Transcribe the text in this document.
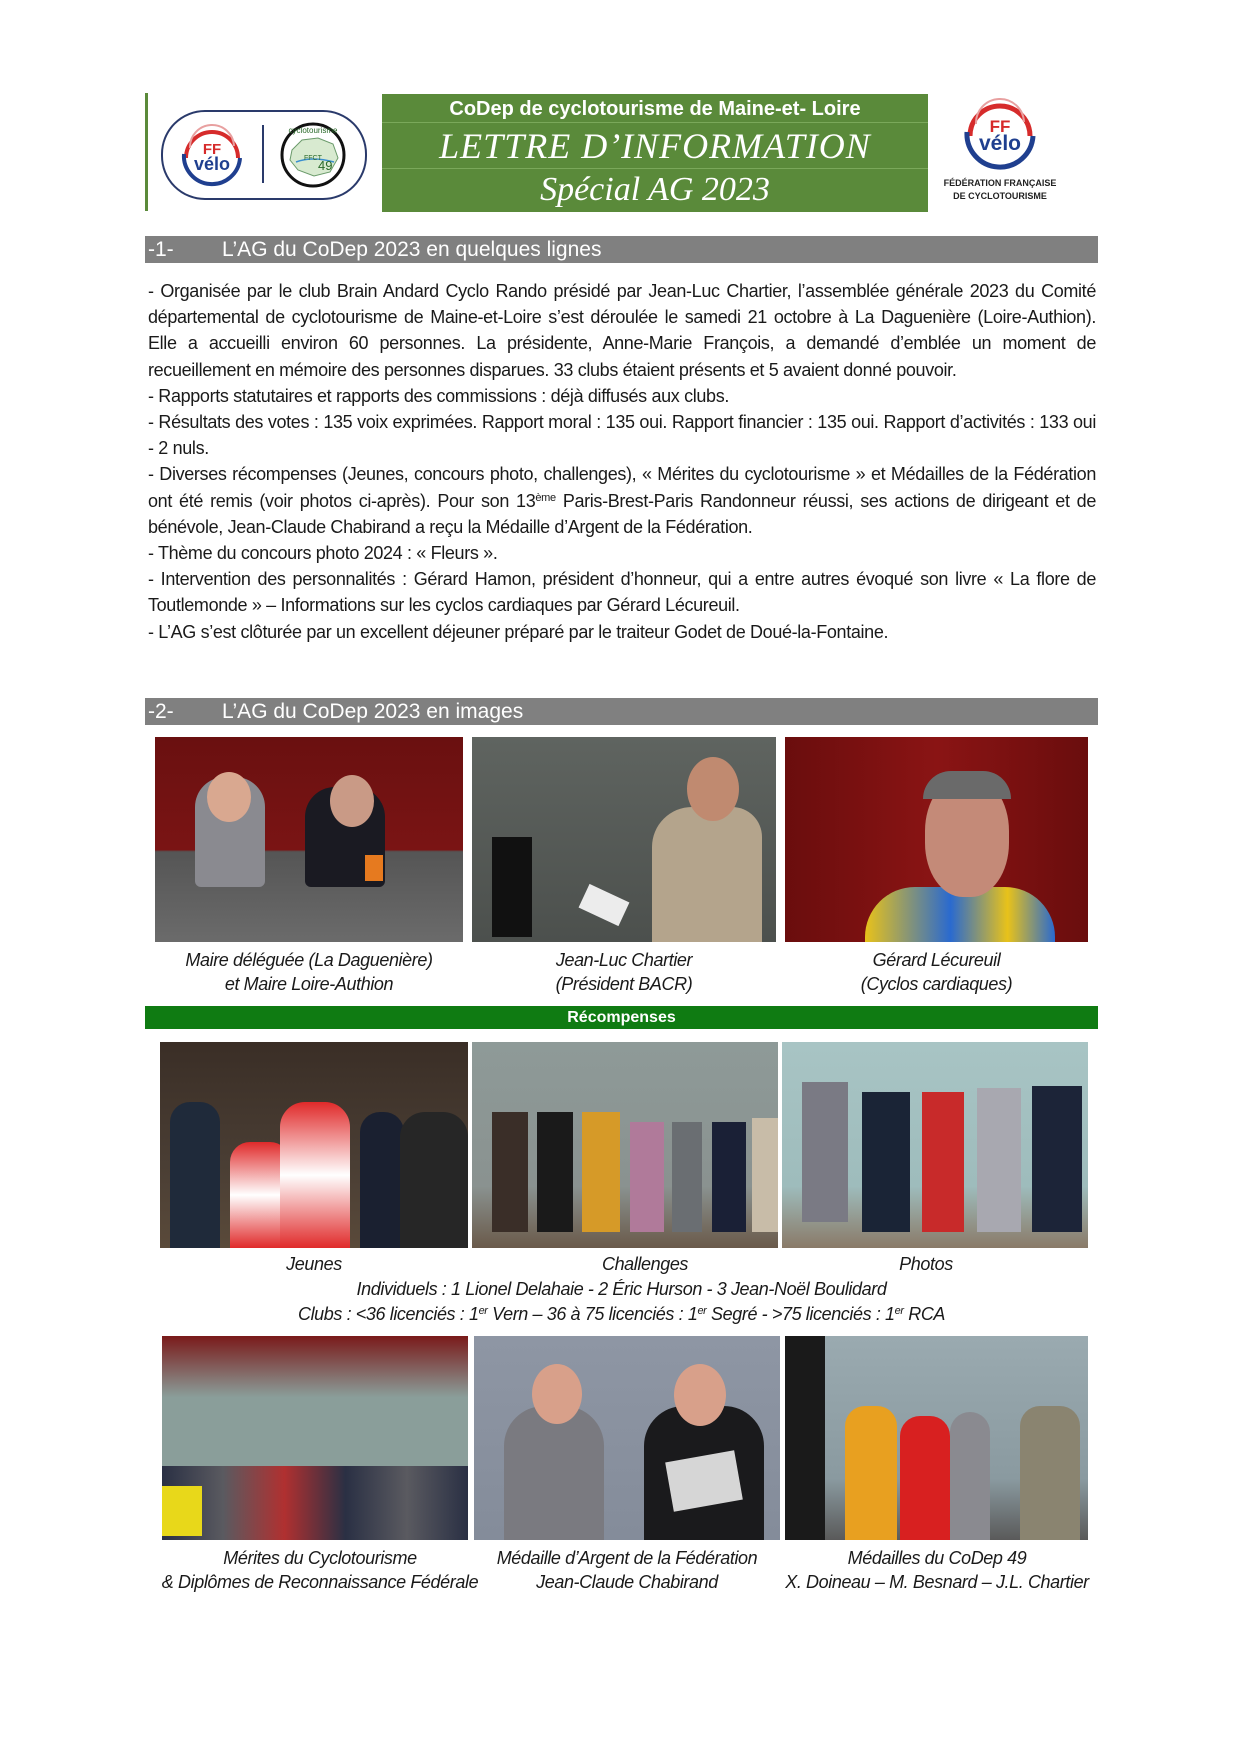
FF
vélo
cyclotourisme
FFCT
49
CoDep de cyclotourisme de Maine-et- Loire
LETTRE D’INFORMATION
Spécial AG 2023
FF
vélo
FÉDÉRATION FRANÇAISE
DE CYCLOTOURISME
-1- L’AG du CoDep 2023 en quelques lignes

- Organisée par le club Brain Andard Cyclo Rando présidé par Jean-Luc Chartier, l’assemblée générale 2023 du Comité départemental de cyclotourisme de Maine-et-Loire s’est déroulée le samedi 21 octobre à La Daguenière (Loire-Authion). Elle a accueilli environ 60 personnes. La présidente, Anne-Marie François, a demandé d’emblée un moment de recueillement en mémoire des personnes disparues. 33 clubs étaient présents et 5 avaient donné pouvoir.

- Rapports statutaires et rapports des commissions : déjà diffusés aux clubs.

- Résultats des votes : 135 voix exprimées. Rapport moral : 135 oui. Rapport financier : 135 oui. Rapport d’activités : 133 oui - 2 nuls.

- Diverses récompenses (Jeunes, concours photo, challenges), « Mérites du cyclotourisme » et Médailles de la Fédération ont été remis (voir photos ci-après). Pour son 13ème Paris-Brest-Paris Randonneur réussi, ses actions de dirigeant et de bénévole, Jean-Claude Chabirand a reçu la Médaille d’Argent de la Fédération.

- Thème du concours photo 2024 : « Fleurs ».

- Intervention des personnalités : Gérard Hamon, président d’honneur, qui a entre autres évoqué son livre « La flore de Toutlemonde » – Informations sur les cyclos cardiaques par Gérard Lécureuil.

- L’AG s’est clôturée par un excellent déjeuner préparé par le traiteur Godet de Doué-la-Fontaine.

-2- L’AG du CoDep 2023 en images
Maire déléguée (La Daguenière)
et Maire Loire-Authion
Jean-Luc Chartier
(Président BACR)
Gérard Lécureuil
(Cyclos cardiaques)
Récompenses
Jeunes	Challenges	Photos
Individuels : 1 Lionel Delahaie - 2 Éric Hurson - 3 Jean-Noël Boulidard
Clubs : <36 licenciés : 1er Vern – 36 à 75 licenciés : 1er Segré - >75 licenciés : 1er RCA
Mérites du Cyclotourisme
& Diplômes de Reconnaissance Fédérale
Médaille d’Argent de la Fédération
Jean-Claude Chabirand
Médailles du CoDep 49
X. Doineau – M. Besnard – J.L. Chartier
